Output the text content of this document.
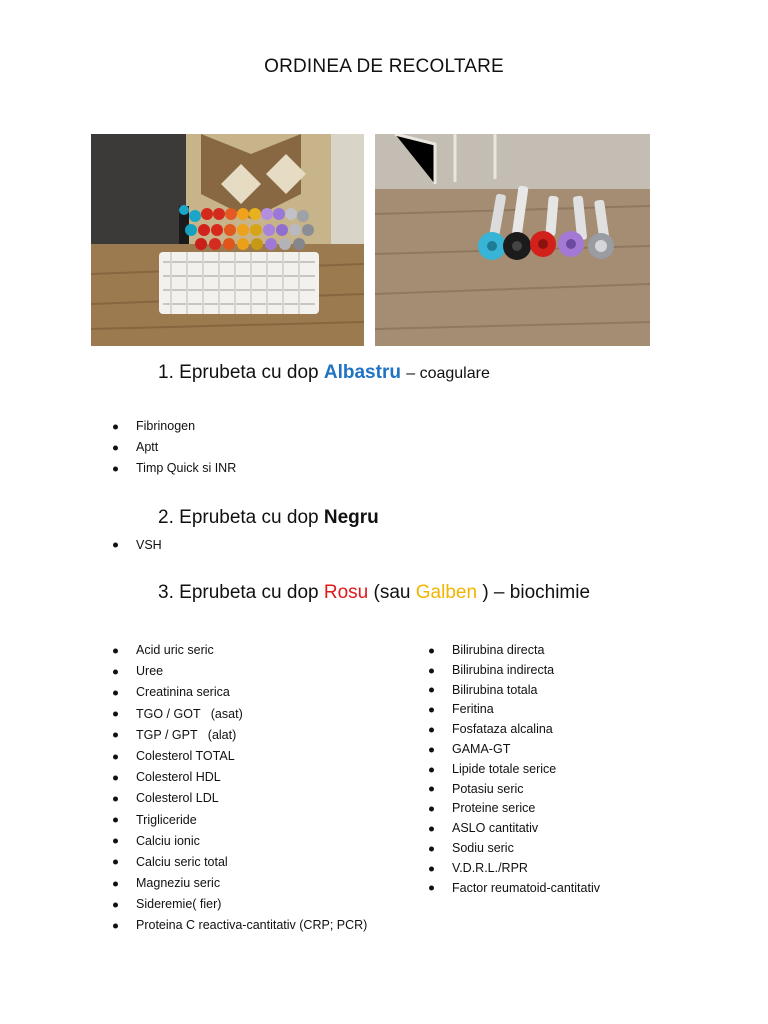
ORDINEA DE RECOLTARE
1. Eprubeta cu dop Albastru – coagulare
Fibrinogen
Aptt
Timp Quick si INR
2. Eprubeta cu dop Negru
VSH
3. Eprubeta cu dop Rosu (sau Galben ) – biochimie
Acid uric seric
Uree
Creatinina serica
TGO / GOT   (asat)
TGP / GPT   (alat)
Colesterol TOTAL
Colesterol HDL
Colesterol LDL
Trigliceride
Calciu ionic
Calciu seric total
Magneziu seric
Sideremie( fier)
Proteina C reactiva-cantitativ (CRP; PCR)
Bilirubina directa
Bilirubina indirecta
Bilirubina totala
Feritina
Fosfataza alcalina
GAMA-GT
Lipide totale serice
Potasiu seric
Proteine serice
ASLO cantitativ
Sodiu seric
V.D.R.L./RPR
Factor reumatoid-cantitativ
